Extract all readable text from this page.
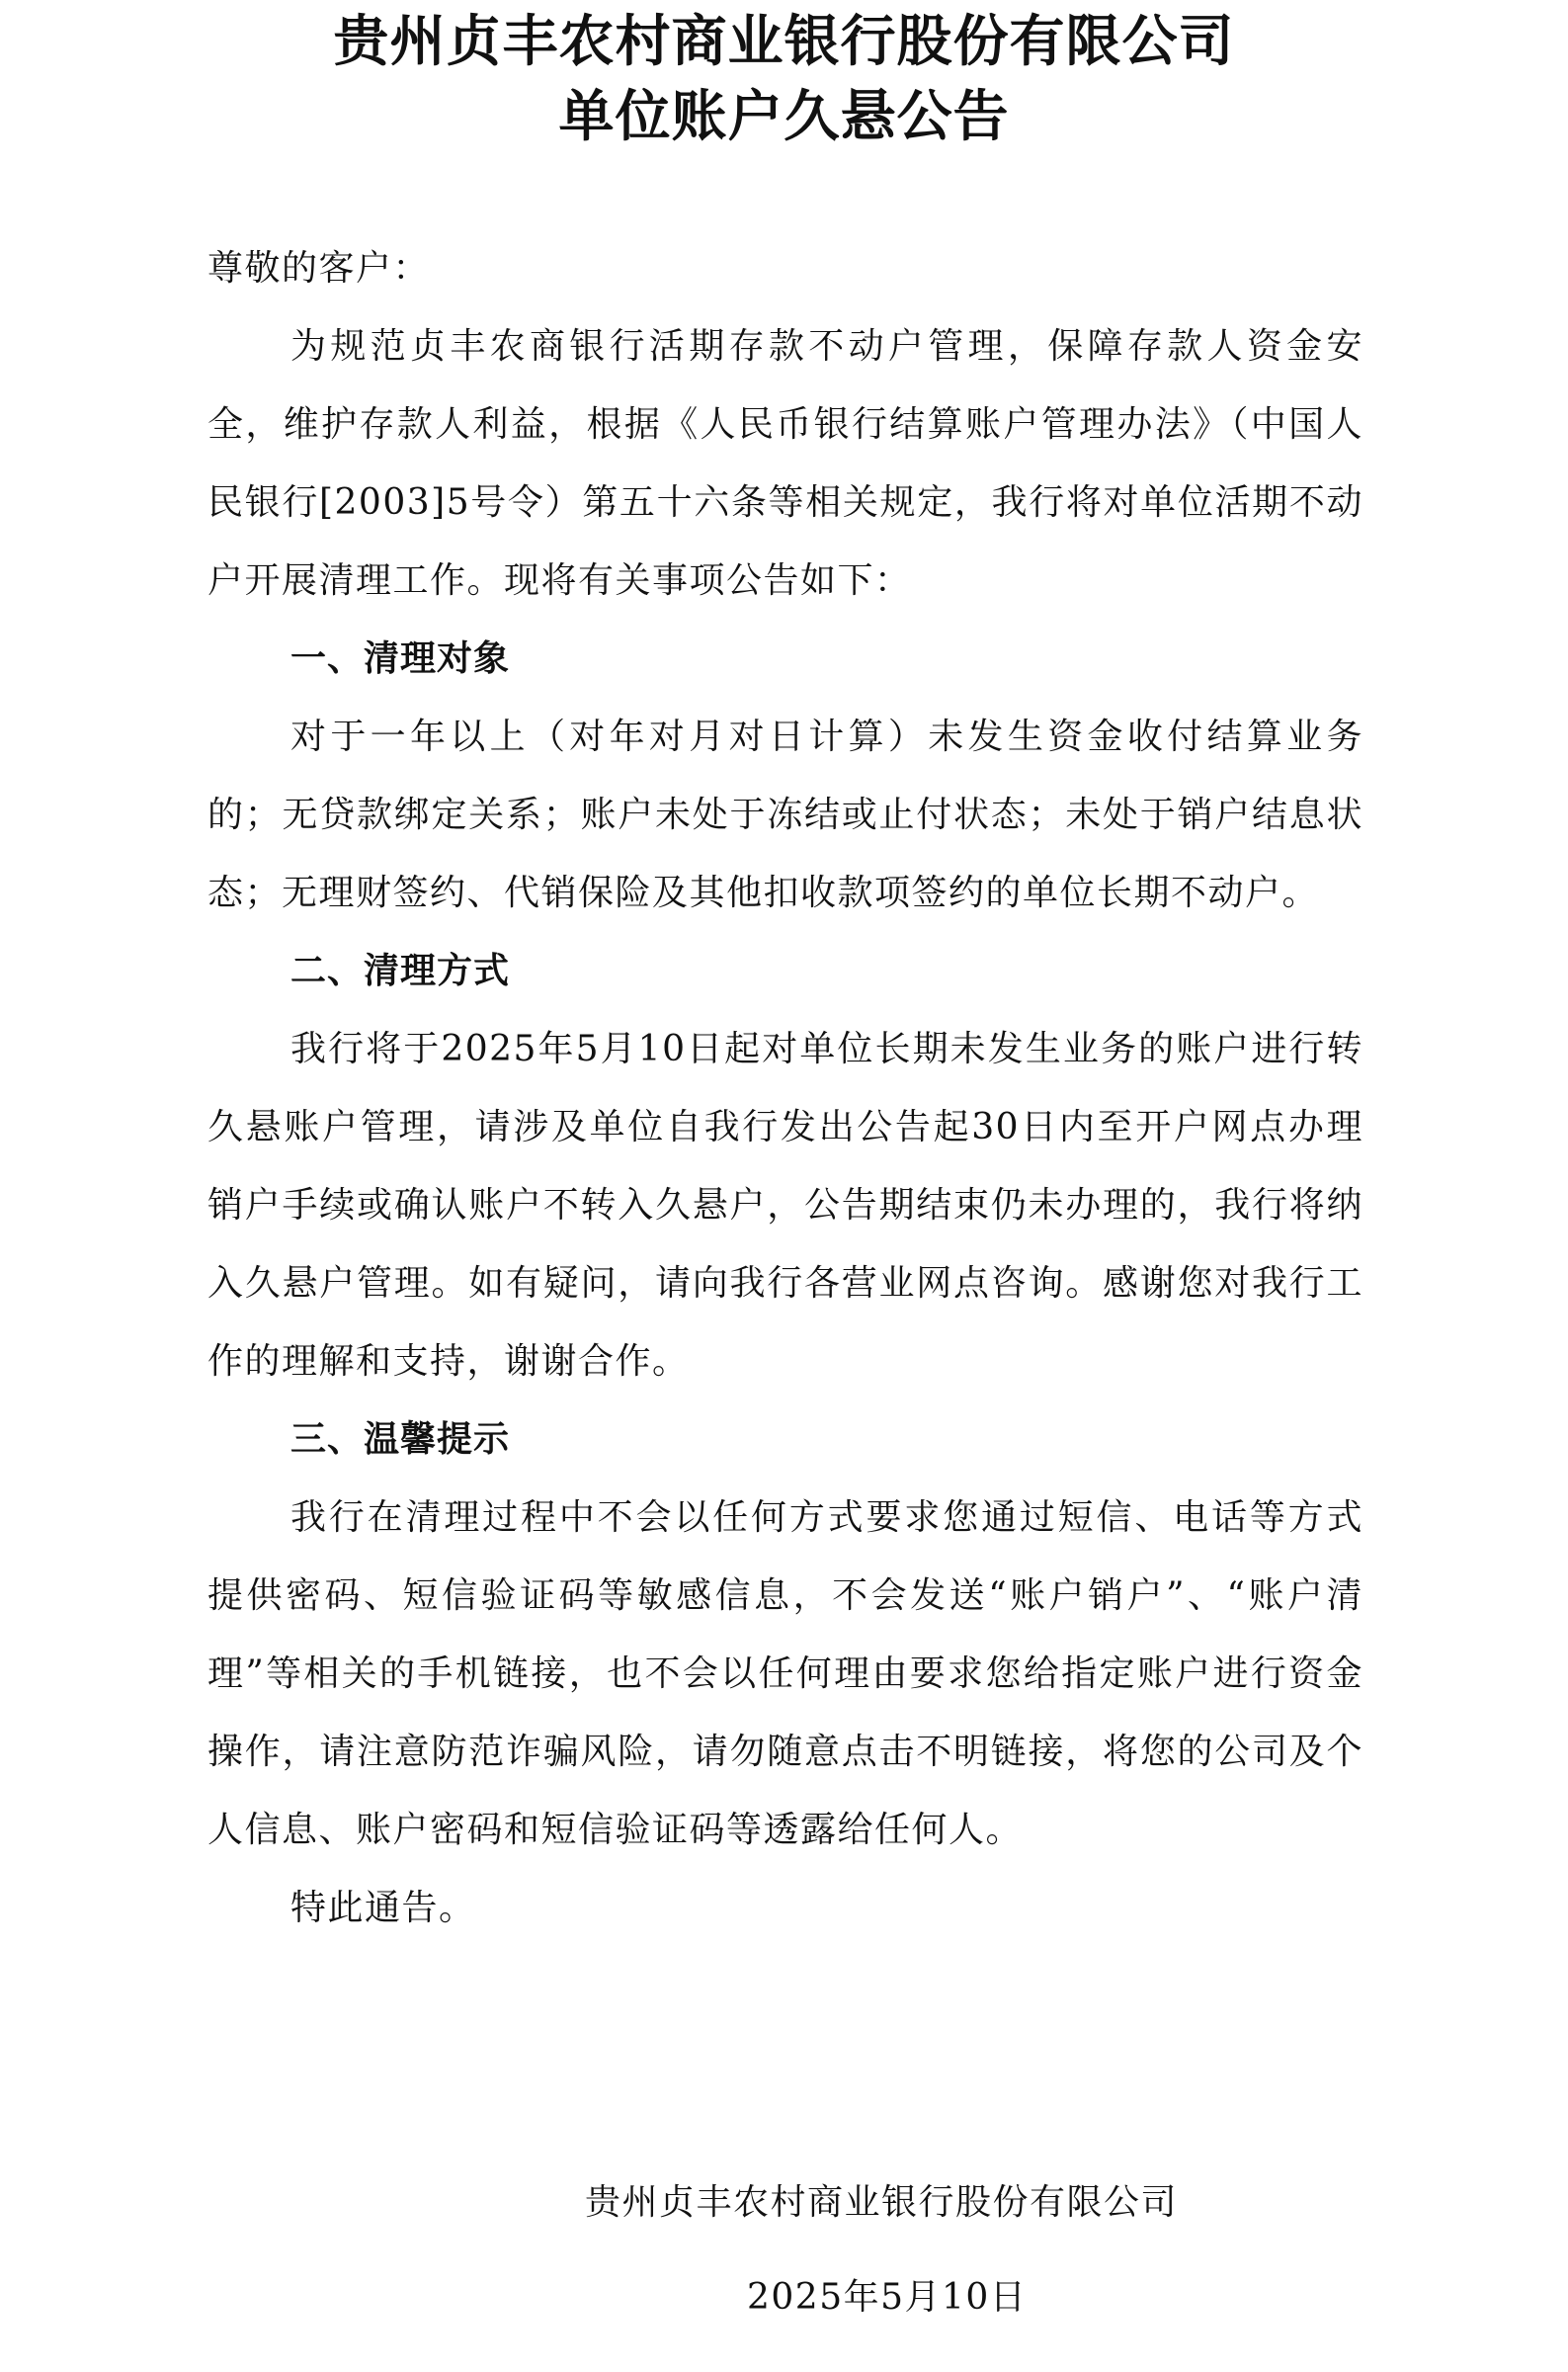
贵州贞丰农村商业银行股份有限公司
单位账户久悬公告
尊敬的客户：

为规范贞丰农商银行活期存款不动户管理，保障存款人资金安全，维护存款人利益，根据《人民币银行结算账户管理办法》（中国人民银行[2003]5号令）第五十六条等相关规定，我行将对单位活期不动户开展清理工作。现将有关事项公告如下：

一、清理对象

对于一年以上（对年对月对日计算）未发生资金收付结算业务的；无贷款绑定关系；账户未处于冻结或止付状态；未处于销户结息状态；无理财签约、代销保险及其他扣收款项签约的单位长期不动户。

二、清理方式

我行将于2025年5月10日起对单位长期未发生业务的账户进行转久悬账户管理，请涉及单位自我行发出公告起30日内至开户网点办理销户手续或确认账户不转入久悬户，公告期结束仍未办理的，我行将纳入久悬户管理。如有疑问，请向我行各营业网点咨询。感谢您对我行工作的理解和支持，谢谢合作。

三、温馨提示

我行在清理过程中不会以任何方式要求您通过短信、电话等方式提供密码、短信验证码等敏感信息，不会发送“账户销户”、“账户清理”等相关的手机链接，也不会以任何理由要求您给指定账户进行资金操作，请注意防范诈骗风险，请勿随意点击不明链接，将您的公司及个人信息、账户密码和短信验证码等透露给任何人。

特此通告。

贵州贞丰农村商业银行股份有限公司
2025年5月10日
